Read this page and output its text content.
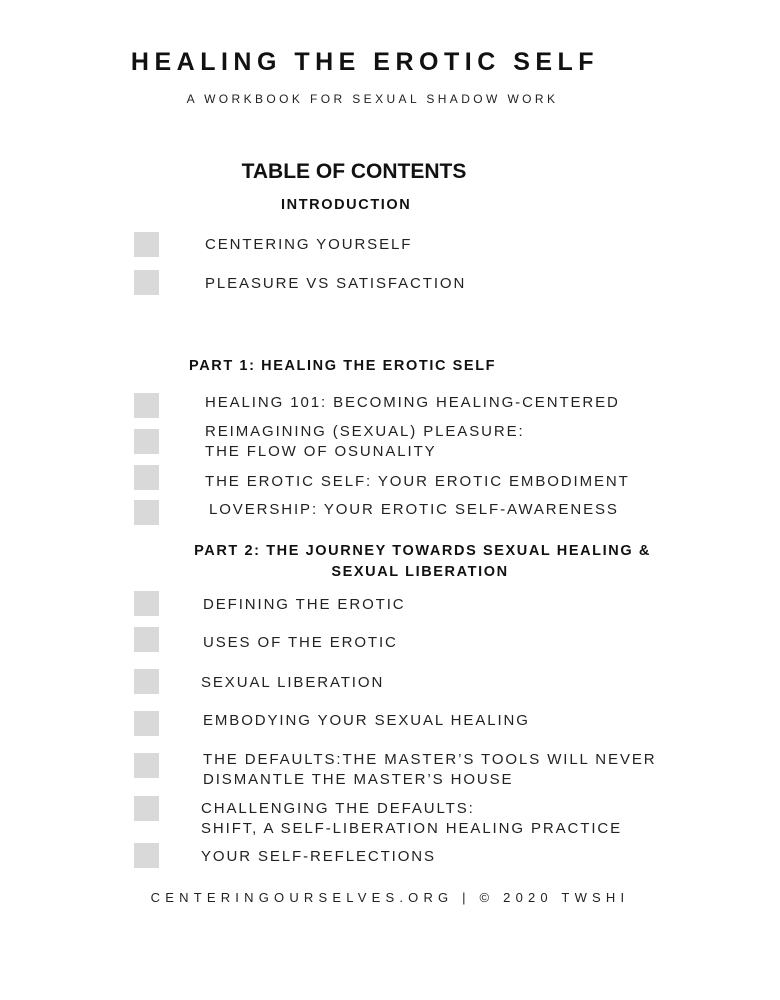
HEALING THE EROTIC SELF
A WORKBOOK FOR SEXUAL SHADOW WORK
TABLE OF CONTENTS
INTRODUCTION
CENTERING YOURSELF
PLEASURE VS SATISFACTION
PART 1: HEALING THE EROTIC SELF
HEALING 101: BECOMING HEALING-CENTERED
REIMAGINING (SEXUAL) PLEASURE:
THE FLOW OF OSUNALITY
THE EROTIC SELF: YOUR EROTIC EMBODIMENT
LOVERSHIP: YOUR EROTIC SELF-AWARENESS
PART 2: THE JOURNEY TOWARDS SEXUAL HEALING &
SEXUAL LIBERATION
DEFINING THE EROTIC
USES OF THE EROTIC
SEXUAL LIBERATION
EMBODYING YOUR SEXUAL HEALING
THE DEFAULTS:THE MASTER’S TOOLS WILL NEVER
DISMANTLE THE MASTER’S HOUSE
CHALLENGING THE DEFAULTS:
SHIFT, A SELF-LIBERATION HEALING PRACTICE
YOUR SELF-REFLECTIONS
CENTERINGOURSELVES.ORG | © 2020 TWSHI
